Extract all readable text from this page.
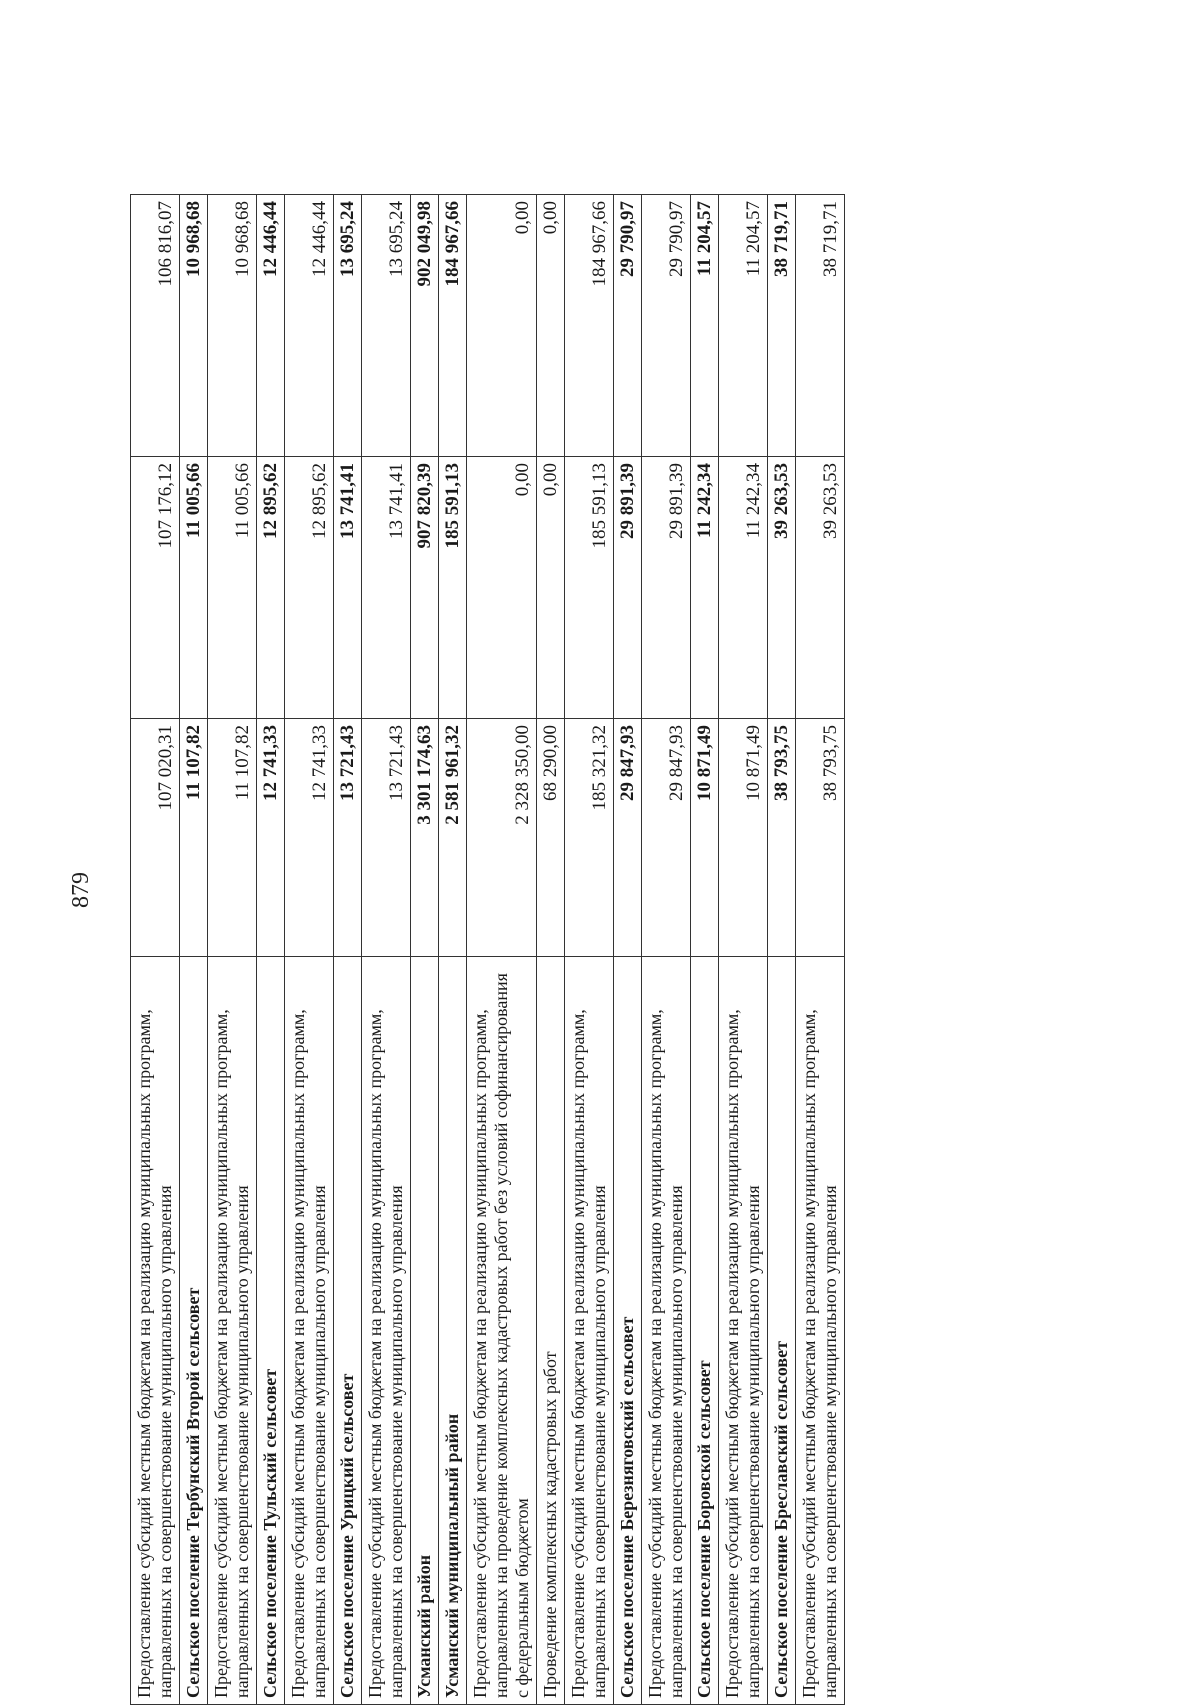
879
Предоставление субсидий местным бюджетам на реализацию муниципальных программ, направленных на совершенствование муниципального управления	107 020,31	107 176,12	106 816,07
Сельское поселение Тербунский Второй сельсовет	11 107,82	11 005,66	10 968,68
Предоставление субсидий местным бюджетам на реализацию муниципальных программ, направленных на совершенствование муниципального управления	11 107,82	11 005,66	10 968,68
Сельское поселение Тульский сельсовет	12 741,33	12 895,62	12 446,44
Предоставление субсидий местным бюджетам на реализацию муниципальных программ, направленных на совершенствование муниципального управления	12 741,33	12 895,62	12 446,44
Сельское поселение Урицкий сельсовет	13 721,43	13 741,41	13 695,24
Предоставление субсидий местным бюджетам на реализацию муниципальных программ, направленных на совершенствование муниципального управления	13 721,43	13 741,41	13 695,24
Усманский район	3 301 174,63	907 820,39	902 049,98
Усманский муниципальный район	2 581 961,32	185 591,13	184 967,66
Предоставление субсидий местным бюджетам на реализацию муниципальных программ, направленных на проведение комплексных кадастровых работ без условий софинансирования с федеральным бюджетом	2 328 350,00	0,00	0,00
Проведение комплексных кадастровых работ	68 290,00	0,00	0,00
Предоставление субсидий местным бюджетам на реализацию муниципальных программ, направленных на совершенствование муниципального управления	185 321,32	185 591,13	184 967,66
Сельское поселение Березняговский сельсовет	29 847,93	29 891,39	29 790,97
Предоставление субсидий местным бюджетам на реализацию муниципальных программ, направленных на совершенствование муниципального управления	29 847,93	29 891,39	29 790,97
Сельское поселение Боровской сельсовет	10 871,49	11 242,34	11 204,57
Предоставление субсидий местным бюджетам на реализацию муниципальных программ, направленных на совершенствование муниципального управления	10 871,49	11 242,34	11 204,57
Сельское поселение Бреславский сельсовет	38 793,75	39 263,53	38 719,71
Предоставление субсидий местным бюджетам на реализацию муниципальных программ, направленных на совершенствование муниципального управления	38 793,75	39 263,53	38 719,71
